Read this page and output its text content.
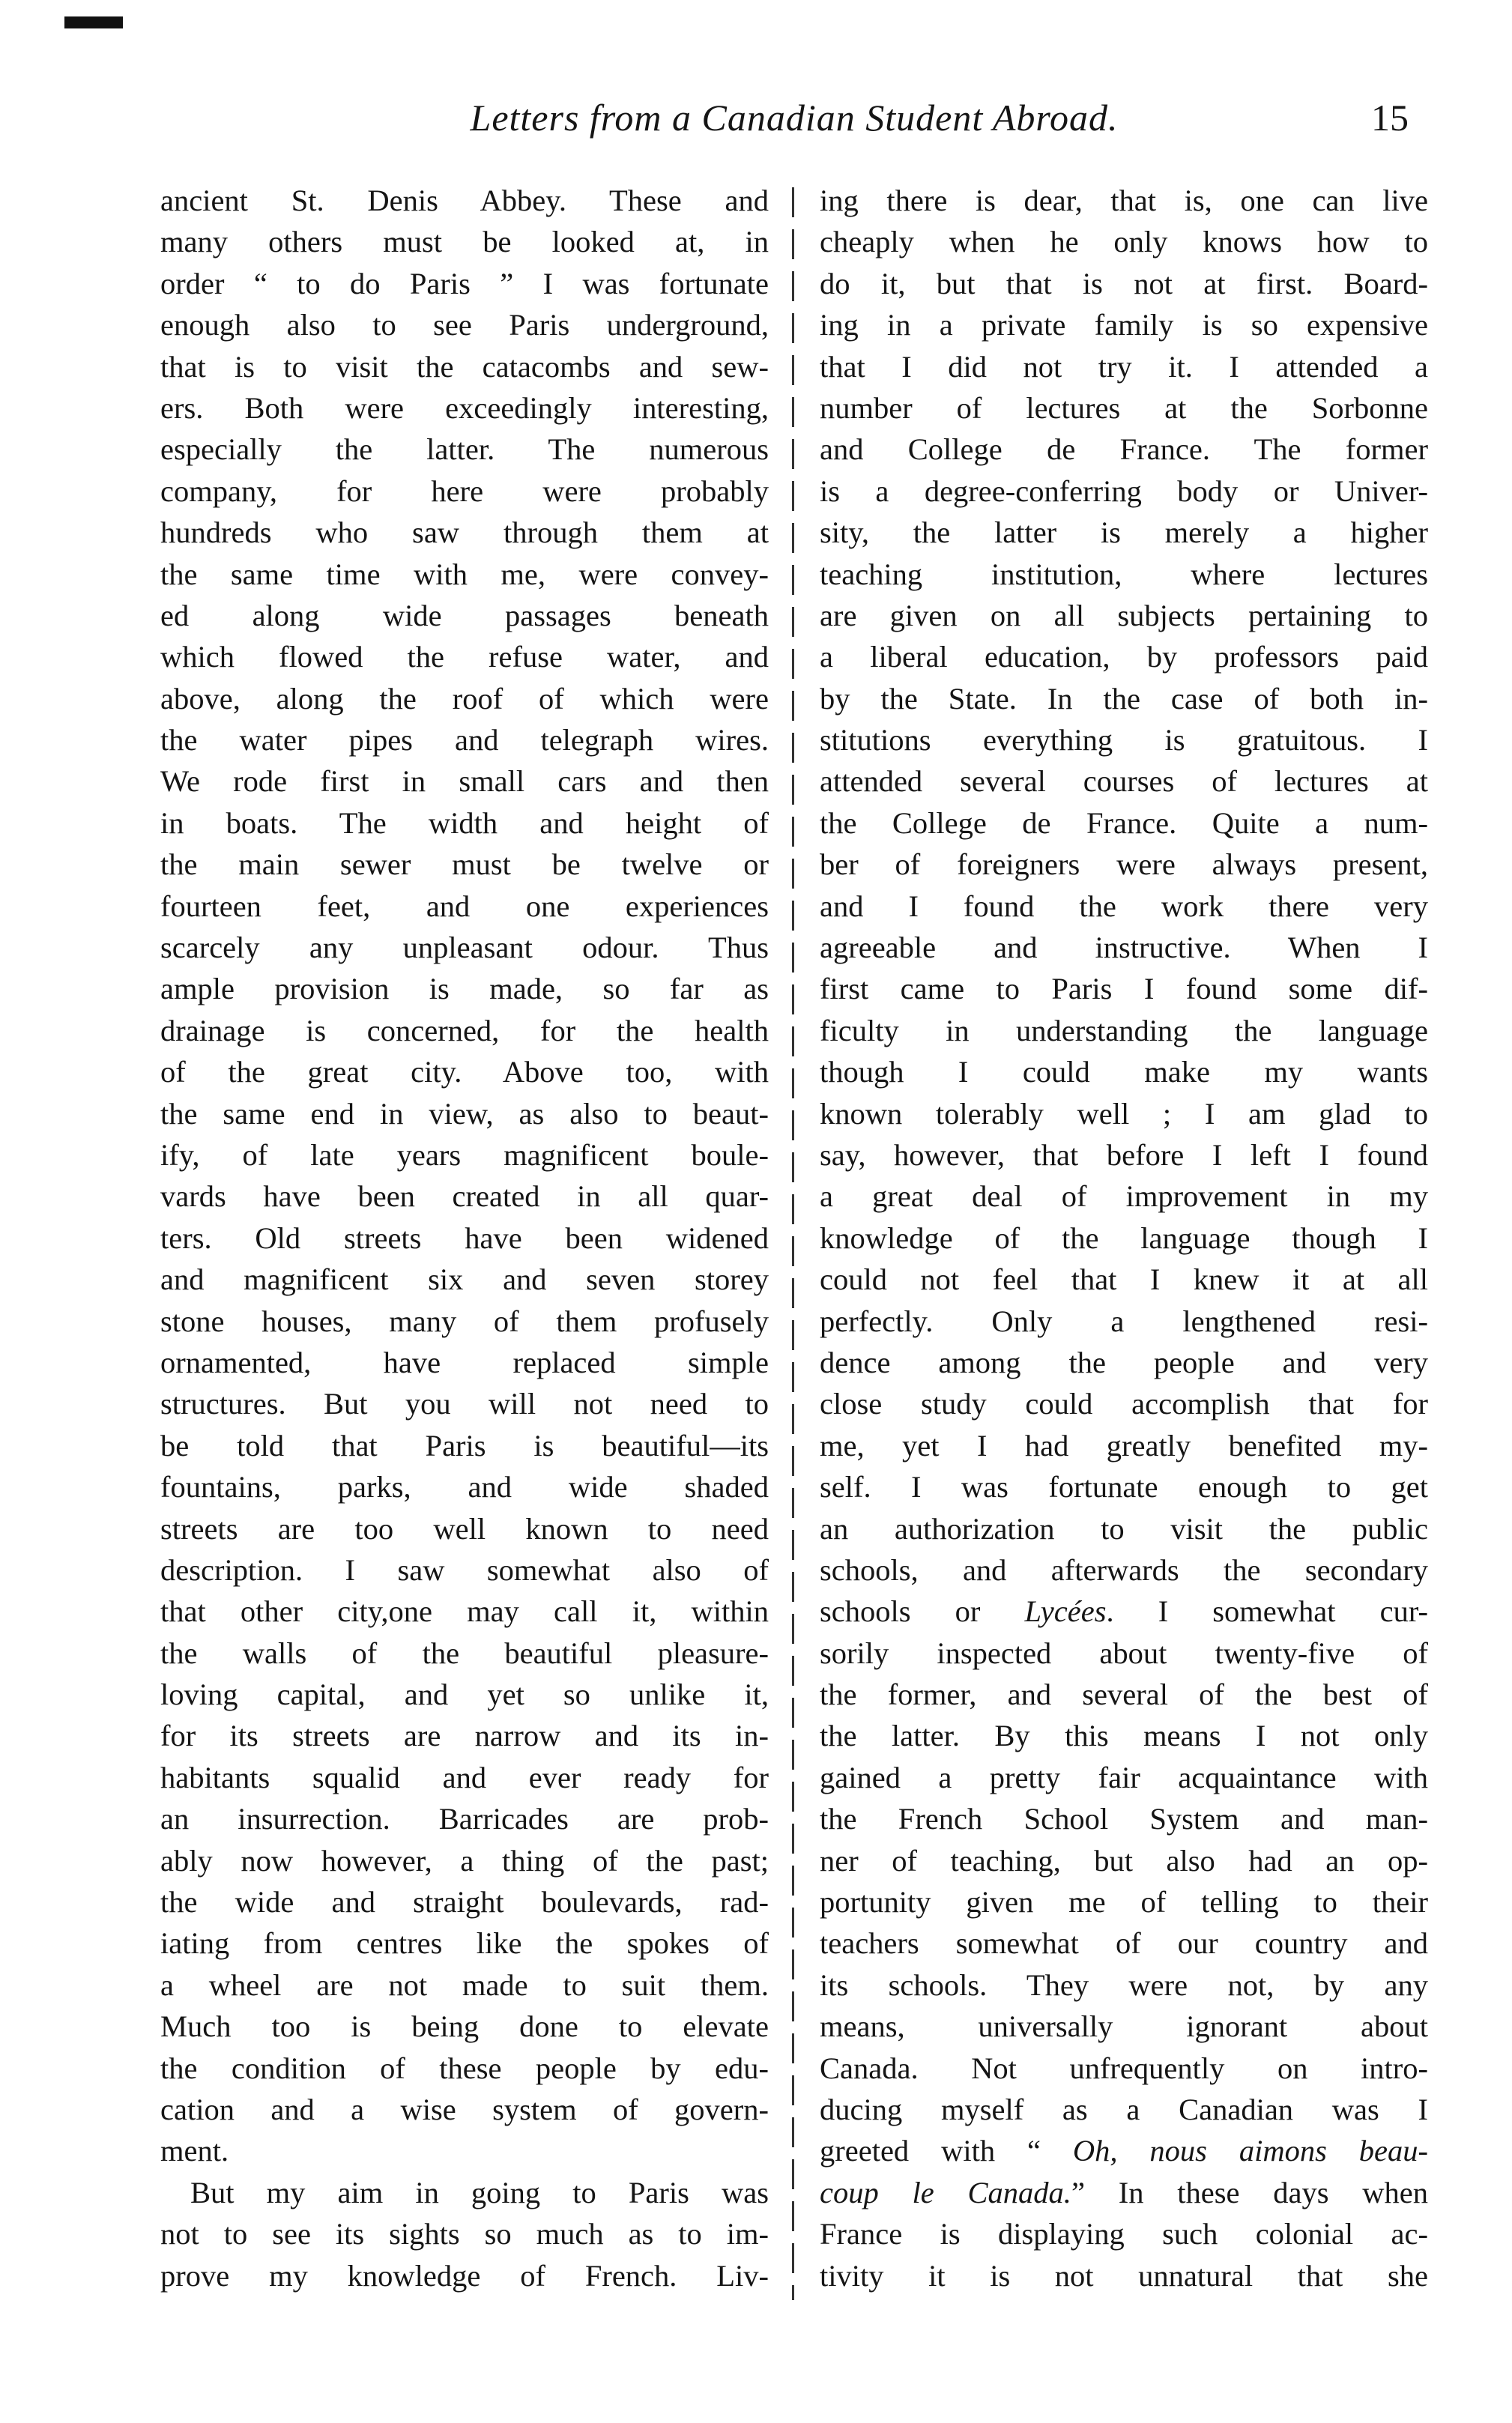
Letters from a Canadian Student Abroad.	15
ancient St. Denis Abbey. These and
many others must be looked at, in
order “ to do Paris ” I was fortunate
enough also to see Paris underground,
that is to visit the catacombs and sew-
ers. Both were exceedingly interesting,
especially the latter. The numerous
company, for here were probably
hundreds who saw through them at
the same time with me, were convey-
ed along wide passages beneath
which flowed the refuse water, and
above, along the roof of which were
the water pipes and telegraph wires.
We rode first in small cars and then
in boats. The width and height of
the main sewer must be twelve or
fourteen feet, and one experiences
scarcely any unpleasant odour. Thus
ample provision is made, so far as
drainage is concerned, for the health
of the great city. Above too, with
the same end in view, as also to beaut-
ify, of late years magnificent boule-
vards have been created in all quar-
ters. Old streets have been widened
and magnificent six and seven storey
stone houses, many of them profusely
ornamented, have replaced simple
structures. But you will not need to
be told that Paris is beautiful—its
fountains, parks, and wide shaded
streets are too well known to need
description. I saw somewhat also of
that other city,one may call it, within
the walls of the beautiful pleasure-
loving capital, and yet so unlike it,
for its streets are narrow and its in-
habitants squalid and ever ready for
an insurrection. Barricades are prob-
ably now however, a thing of the past;
the wide and straight boulevards, rad-
iating from centres like the spokes of
a wheel are not made to suit them.
Much too is being done to elevate
the condition of these people by edu-
cation and a wise system of govern-
ment.
But my aim in going to Paris was
not to see its sights so much as to im-
prove my knowledge of French. Liv-
ing there is dear, that is, one can live
cheaply when he only knows how to
do it, but that is not at first. Board-
ing in a private family is so expensive
that I did not try it. I attended a
number of lectures at the Sorbonne
and College de France. The former
is a degree-conferring body or Univer-
sity, the latter is merely a higher
teaching institution, where lectures
are given on all subjects pertaining to
a liberal education, by professors paid
by the State. In the case of both in-
stitutions everything is gratuitous. I
attended several courses of lectures at
the College de France. Quite a num-
ber of foreigners were always present,
and I found the work there very
agreeable and instructive. When I
first came to Paris I found some dif-
ficulty in understanding the language
though I could make my wants
known tolerably well ; I am glad to
say, however, that before I left I found
a great deal of improvement in my
knowledge of the language though I
could not feel that I knew it at all
perfectly. Only a lengthened resi-
dence among the people and very
close study could accomplish that for
me, yet I had greatly benefited my-
self. I was fortunate enough to get
an authorization to visit the public
schools, and afterwards the secondary
schools or Lycées. I somewhat cur-
sorily inspected about twenty-five of
the former, and several of the best of
the latter. By this means I not only
gained a pretty fair acquaintance with
the French School System and man-
ner of teaching, but also had an op-
portunity given me of telling to their
teachers somewhat of our country and
its schools. They were not, by any
means, universally ignorant about
Canada. Not unfrequently on intro-
ducing myself as a Canadian was I
greeted with “ Oh, nous aimons beau-
coup le Canada.” In these days when
France is displaying such colonial ac-
tivity it is not unnatural that she
